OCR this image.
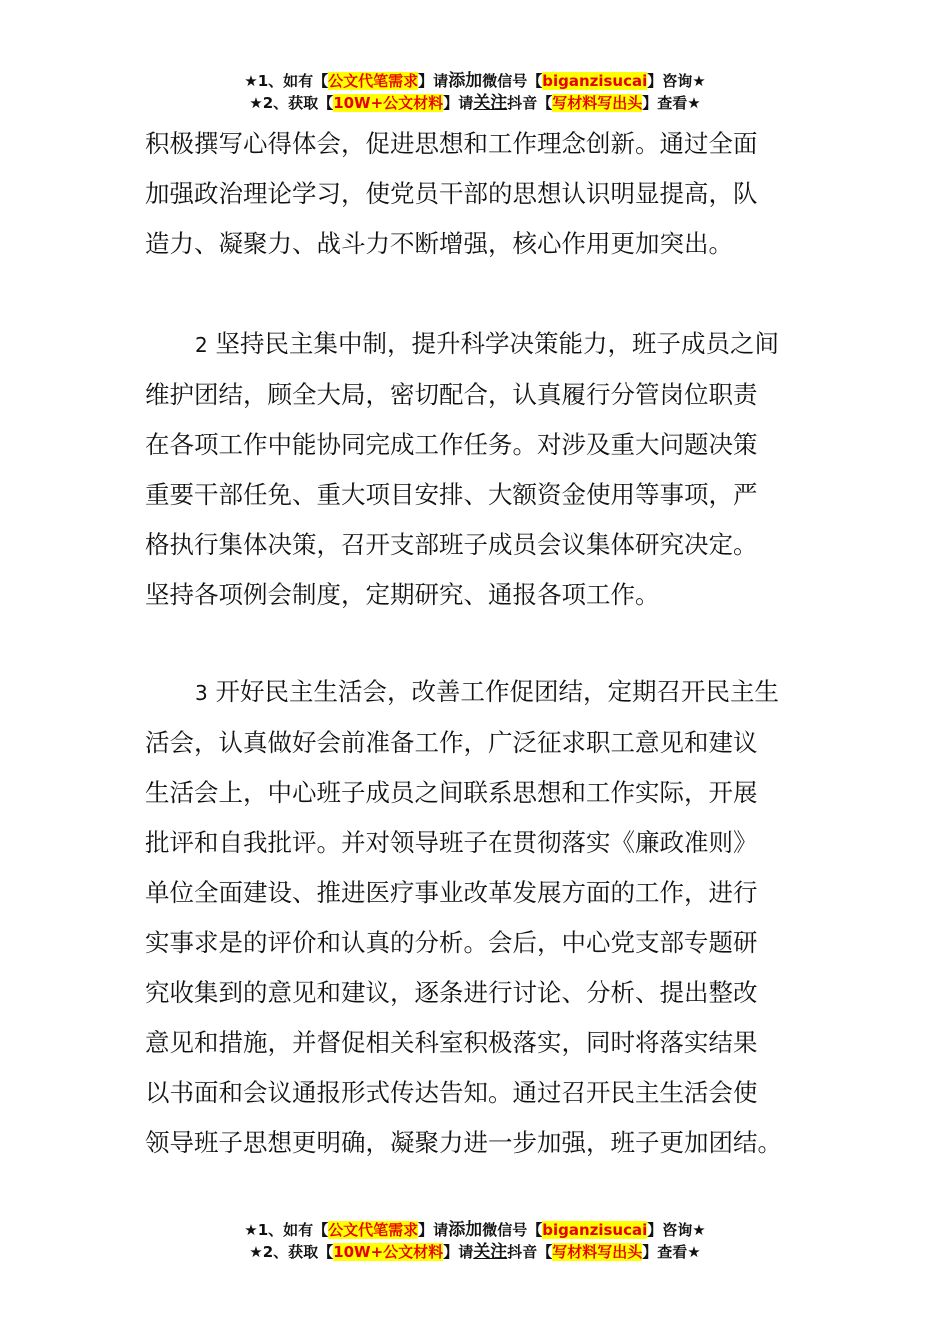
★1、如有【公文代笔需求】请添加微信号【biganzisucai】咨询★
★2、获取【10W+公文材料】请关注抖音【写材料写出头】查看★

积极撰写心得体会，促进思想和工作理念创新。通过全面

加强政治理论学习，使党员干部的思想认识明显提高，队

造力、凝聚力、战斗力不断增强，核心作用更加突出。

2 坚持民主集中制，提升科学决策能力，班子成员之间

维护团结，顾全大局，密切配合，认真履行分管岗位职责

在各项工作中能协同完成工作任务。对涉及重大问题决策

重要干部任免、重大项目安排、大额资金使用等事项，严

格执行集体决策，召开支部班子成员会议集体研究决定。

坚持各项例会制度，定期研究、通报各项工作。

3 开好民主生活会，改善工作促团结，定期召开民主生

活会，认真做好会前准备工作，广泛征求职工意见和建议

生活会上，中心班子成员之间联系思想和工作实际，开展

批评和自我批评。并对领导班子在贯彻落实《廉政准则》

单位全面建设、推进医疗事业改革发展方面的工作，进行

实事求是的评价和认真的分析。会后，中心党支部专题研

究收集到的意见和建议，逐条进行讨论、分析、提出整改

意见和措施，并督促相关科室积极落实，同时将落实结果

以书面和会议通报形式传达告知。通过召开民主生活会使

领导班子思想更明确，凝聚力进一步加强，班子更加团结。

★1、如有【公文代笔需求】请添加微信号【biganzisucai】咨询★
★2、获取【10W+公文材料】请关注抖音【写材料写出头】查看★
